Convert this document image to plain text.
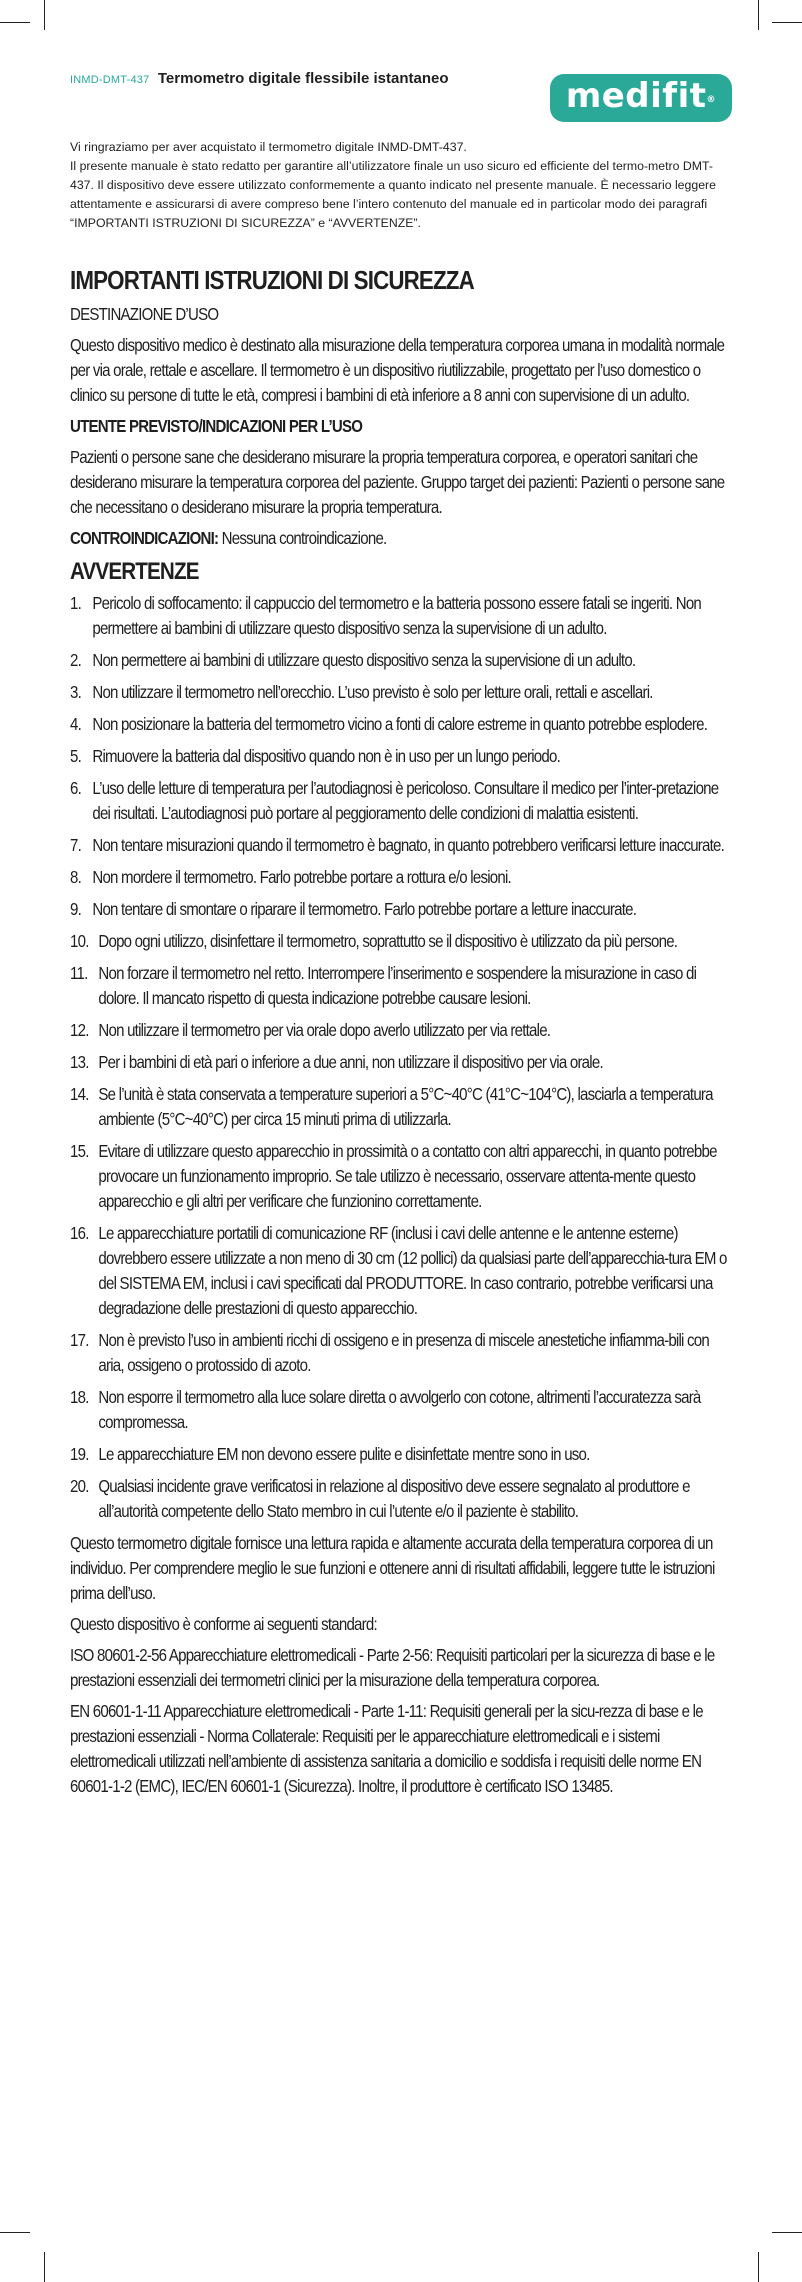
INMD-DMT-437 Termometro digitale flessibile istantaneo	medifit®

Vi ringraziamo per aver acquistato il termometro digitale INMD-DMT-437.

Il presente manuale è stato redatto per garantire all’utilizzatore finale un uso sicuro ed efficiente del termo-metro DMT-437. Il dispositivo deve essere utilizzato conformemente a quanto indicato nel presente manuale. È necessario leggere attentamente e assicurarsi di avere compreso bene l’intero contenuto del manuale ed in particolar modo dei paragrafi “IMPORTANTI ISTRUZIONI DI SICUREZZA” e “AVVERTENZE”.

IMPORTANTI ISTRUZIONI DI SICUREZZA
DESTINAZIONE D’USO
Questo dispositivo medico è destinato alla misurazione della temperatura corporea umana in modalità normale per via orale, rettale e ascellare. Il termometro è un dispositivo riutilizzabile, progettato per l’uso domestico o clinico su persone di tutte le età, compresi i bambini di età inferiore a 8 anni con supervisione di un adulto.
UTENTE PREVISTO/INDICAZIONI PER L’USO
Pazienti o persone sane che desiderano misurare la propria temperatura corporea, e operatori sanitari che desiderano misurare la temperatura corporea del paziente. Gruppo target dei pazienti: Pazienti o persone sane che necessitano o desiderano misurare la propria temperatura.
CONTROINDICAZIONI: Nessuna controindicazione.
AVVERTENZE
1. Pericolo di soffocamento: il cappuccio del termometro e la batteria possono essere fatali se ingeriti. Non permettere ai bambini di utilizzare questo dispositivo senza la supervisione di un adulto.
2. Non permettere ai bambini di utilizzare questo dispositivo senza la supervisione di un adulto.
3. Non utilizzare il termometro nell’orecchio. L’uso previsto è solo per letture orali, rettali e ascellari.
4. Non posizionare la batteria del termometro vicino a fonti di calore estreme in quanto potrebbe esplodere.
5. Rimuovere la batteria dal dispositivo quando non è in uso per un lungo periodo.
6. L’uso delle letture di temperatura per l’autodiagnosi è pericoloso. Consultare il medico per l’inter-pretazione dei risultati. L’autodiagnosi può portare al peggioramento delle condizioni di malattia esistenti.
7. Non tentare misurazioni quando il termometro è bagnato, in quanto potrebbero verificarsi letture inaccurate.
8. Non mordere il termometro. Farlo potrebbe portare a rottura e/o lesioni.
9. Non tentare di smontare o riparare il termometro. Farlo potrebbe portare a letture inaccurate.
10. Dopo ogni utilizzo, disinfettare il termometro, soprattutto se il dispositivo è utilizzato da più persone.
11. Non forzare il termometro nel retto. Interrompere l’inserimento e sospendere la misurazione in caso di dolore. Il mancato rispetto di questa indicazione potrebbe causare lesioni.
12. Non utilizzare il termometro per via orale dopo averlo utilizzato per via rettale.
13. Per i bambini di età pari o inferiore a due anni, non utilizzare il dispositivo per via orale.
14. Se l’unità è stata conservata a temperature superiori a 5°C~40°C (41°C~104°C), lasciarla a temperatura ambiente (5°C~40°C) per circa 15 minuti prima di utilizzarla.
15. Evitare di utilizzare questo apparecchio in prossimità o a contatto con altri apparecchi, in quanto potrebbe provocare un funzionamento improprio. Se tale utilizzo è necessario, osservare attenta-mente questo apparecchio e gli altri per verificare che funzionino correttamente.
16. Le apparecchiature portatili di comunicazione RF (inclusi i cavi delle antenne e le antenne esterne) dovrebbero essere utilizzate a non meno di 30 cm (12 pollici) da qualsiasi parte dell’apparecchia-tura EM o del SISTEMA EM, inclusi i cavi specificati dal PRODUTTORE. In caso contrario, potrebbe verificarsi una degradazione delle prestazioni di questo apparecchio.
17. Non è previsto l’uso in ambienti ricchi di ossigeno e in presenza di miscele anestetiche infiamma-bili con aria, ossigeno o protossido di azoto.
18. Non esporre il termometro alla luce solare diretta o avvolgerlo con cotone, altrimenti l’accuratezza sarà compromessa.
19. Le apparecchiature EM non devono essere pulite e disinfettate mentre sono in uso.
20. Qualsiasi incidente grave verificatosi in relazione al dispositivo deve essere segnalato al produttore e all’autorità competente dello Stato membro in cui l’utente e/o il paziente è stabilito.
Questo termometro digitale fornisce una lettura rapida e altamente accurata della temperatura corporea di un individuo. Per comprendere meglio le sue funzioni e ottenere anni di risultati affidabili, leggere tutte le istruzioni prima dell’uso.
Questo dispositivo è conforme ai seguenti standard:
ISO 80601-2-56 Apparecchiature elettromedicali - Parte 2-56: Requisiti particolari per la sicurezza di base e le prestazioni essenziali dei termometri clinici per la misurazione della temperatura corporea.
EN 60601-1-11 Apparecchiature elettromedicali - Parte 1-11: Requisiti generali per la sicu-rezza di base e le prestazioni essenziali - Norma Collaterale: Requisiti per le apparecchiature elettromedicali e i sistemi elettromedicali utilizzati nell’ambiente di assistenza sanitaria a domicilio e soddisfa i requisiti delle norme EN 60601-1-2 (EMC), IEC/EN 60601-1 (Sicurezza). Inoltre, il produttore è certificato ISO 13485.
